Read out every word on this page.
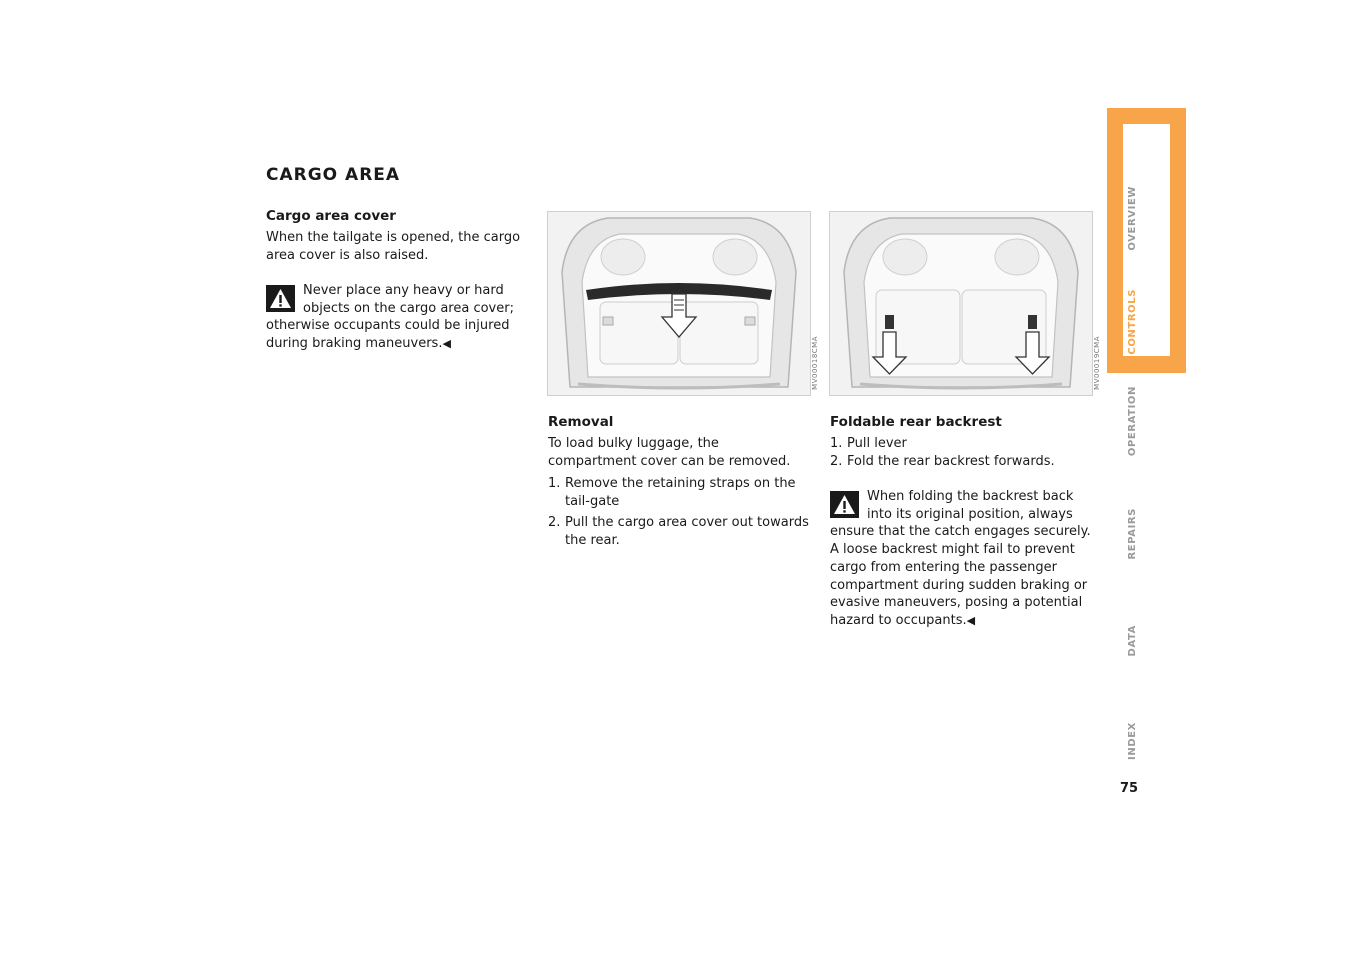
CARGO AREA
Cargo area cover

When the tailgate is opened, the cargo area cover is also raised.

Never place any heavy or hard objects on the cargo area cover; otherwise occupants could be injured during braking maneuvers.◀	MV00018CMA	MV00019CMA
Removal

To load bulky luggage, the compartment cover can be removed.

1. Remove the retaining straps on the tail-gate
2. Pull the cargo area cover out towards the rear.
Foldable rear backrest
1. Pull lever
2. Fold the rear backrest forwards.
When folding the backrest back into its original position, always ensure that the catch engages securely. A loose backrest might fail to prevent cargo from entering the passenger compartment during sudden braking or evasive maneuvers, posing a potential hazard to occupants.◀
OVERVIEW
CONTROLS
OPERATION
REPAIRS
DATA
INDEX
75
